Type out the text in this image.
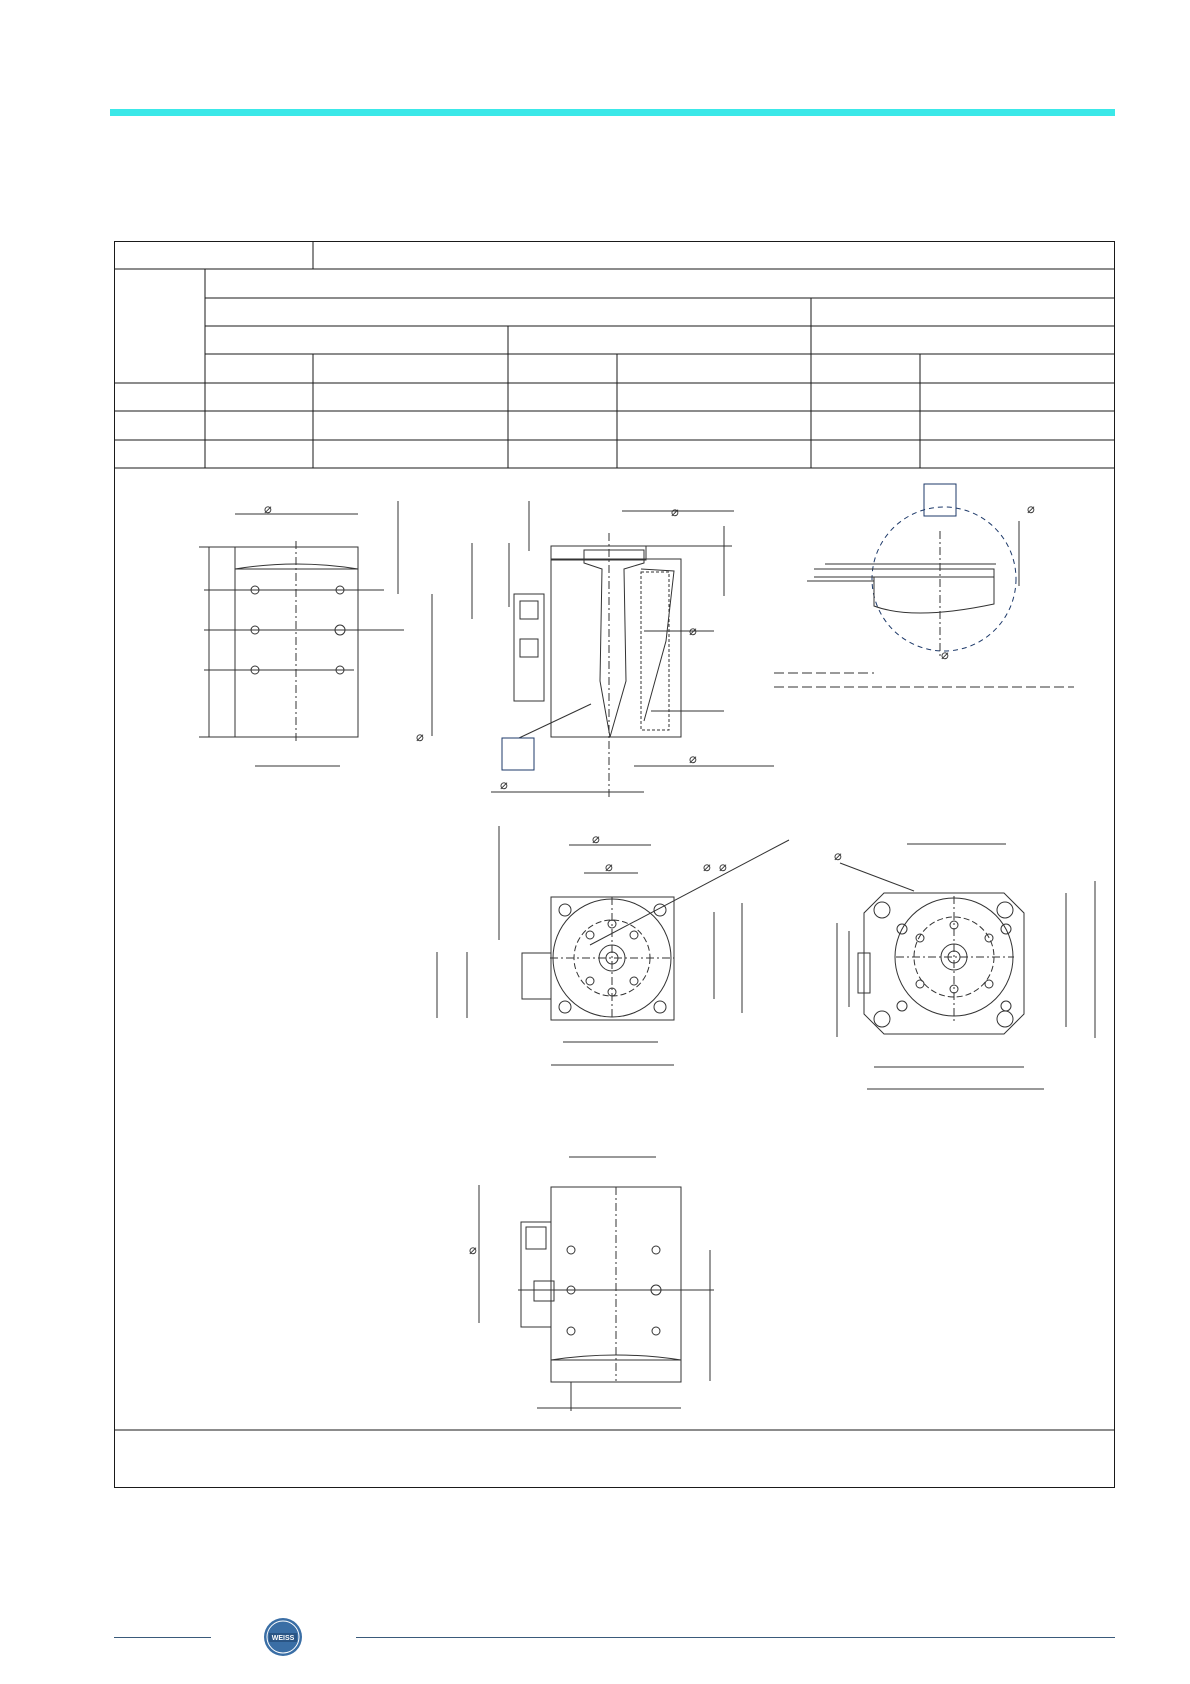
⌀
⌀
⌀
⌀
⌀
⌀
⌀
⌀
⌀
⌀	⌀ ⌀
⌀
⌀
WEISS
